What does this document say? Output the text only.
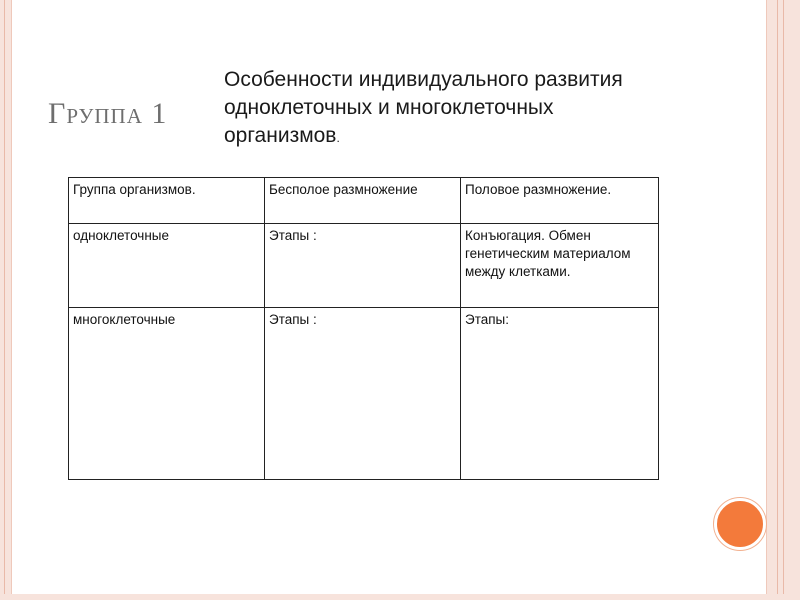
Группа 1
Особенности индивидуального развития
одноклеточных и многоклеточных
организмов.
Группа организмов.	Бесполое размножение	Половое размножение.
одноклеточные	Этапы :	Конъюгация. Обмен генетическим материалом между клетками.
многоклеточные	Этапы :	Этапы:
